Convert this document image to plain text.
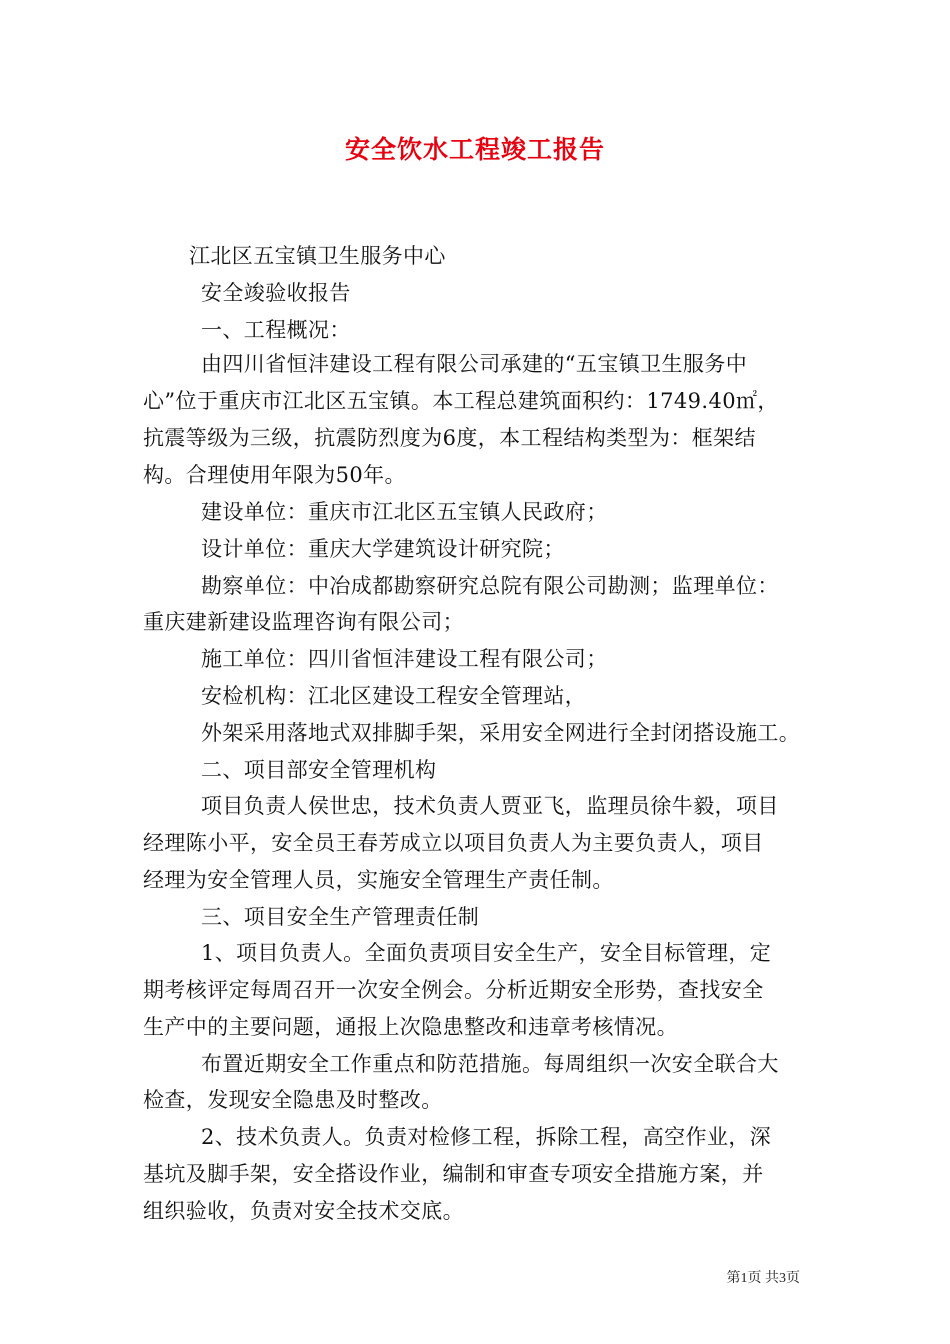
安全饮水工程竣工报告
江北区五宝镇卫生服务中心
安全竣验收报告
一、工程概况：
由四川省恒沣建设工程有限公司承建的“五宝镇卫生服务中
心”位于重庆市江北区五宝镇。本工程总建筑面积约：1749.40㎡，
抗震等级为三级，抗震防烈度为6度，本工程结构类型为：框架结
构。合理使用年限为50年。
建设单位：重庆市江北区五宝镇人民政府；
设计单位：重庆大学建筑设计研究院；
勘察单位：中冶成都勘察研究总院有限公司勘测；监理单位：
重庆建新建设监理咨询有限公司；
施工单位：四川省恒沣建设工程有限公司；
安检机构：江北区建设工程安全管理站，
外架采用落地式双排脚手架，采用安全网进行全封闭搭设施工。
二、项目部安全管理机构
项目负责人侯世忠，技术负责人贾亚飞，监理员徐牛毅，项目
经理陈小平，安全员王春芳成立以项目负责人为主要负责人，项目
经理为安全管理人员，实施安全管理生产责任制。
三、项目安全生产管理责任制
1、项目负责人。全面负责项目安全生产，安全目标管理，定
期考核评定每周召开一次安全例会。分析近期安全形势，查找安全
生产中的主要问题，通报上次隐患整改和违章考核情况。
布置近期安全工作重点和防范措施。每周组织一次安全联合大
检查，发现安全隐患及时整改。
2、技术负责人。负责对检修工程，拆除工程，高空作业，深
基坑及脚手架，安全搭设作业，编制和审查专项安全措施方案，并
组织验收，负责对安全技术交底。
第1页 共3页
